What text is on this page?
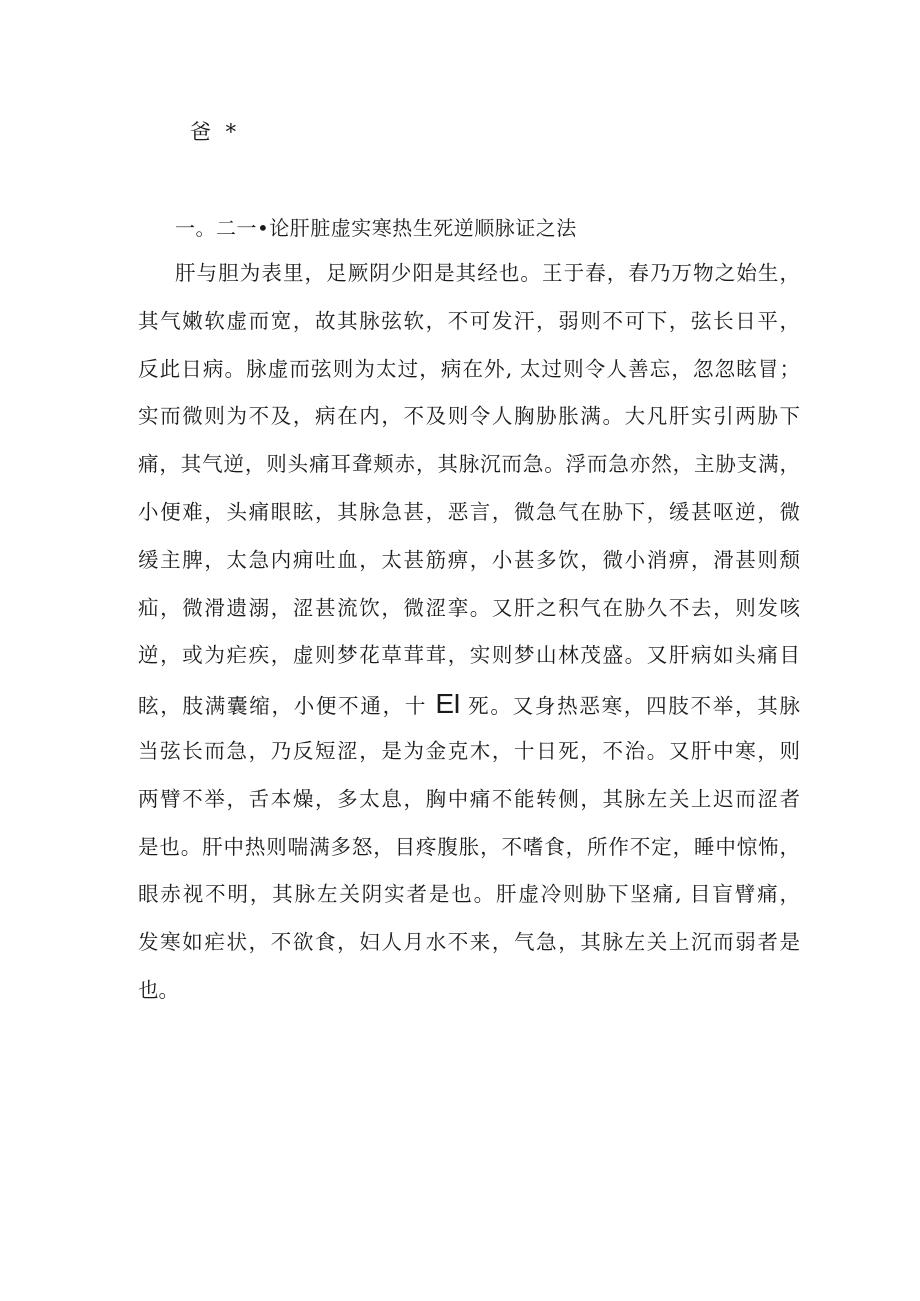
爸 *
一。二一•论肝脏虚实寒热生死逆顺脉证之法
肝与胆为表里，足厥阴少阳是其经也。王于春，春乃万物之始生，
其气嫩软虚而宽，故其脉弦软，不可发汗，弱则不可下，弦长日平，
反此日病。脉虚而弦则为太过，病在外, 太过则令人善忘，忽忽眩冒；
实而微则为不及，病在内，不及则令人胸胁胀满。大凡肝实引两胁下
痛，其气逆，则头痛耳聋颊赤，其脉沉而急。浮而急亦然，主胁支满，
小便难，头痛眼眩，其脉急甚，恶言，微急气在胁下，缓甚呕逆，微
缓主脾，太急内痈吐血，太甚筋痹，小甚多饮，微小消痹，滑甚则颓
疝，微滑遗溺，涩甚流饮，微涩挛。又肝之积气在胁久不去，则发咳
逆，或为疟疾，虚则梦花草茸茸，实则梦山林茂盛。又肝病如头痛目
眩，肢满囊缩，小便不通，十 EI 死。又身热恶寒，四肢不举，其脉
当弦长而急，乃反短涩，是为金克木，十日死，不治。又肝中寒，则
两臂不举，舌本燥，多太息，胸中痛不能转侧，其脉左关上迟而涩者
是也。肝中热则喘满多怒，目疼腹胀，不嗜食，所作不定，睡中惊怖，
眼赤视不明，其脉左关阴实者是也。肝虚冷则胁下坚痛, 目盲臂痛，
发寒如疟状，不欲食，妇人月水不来，气急，其脉左关上沉而弱者是
也。
